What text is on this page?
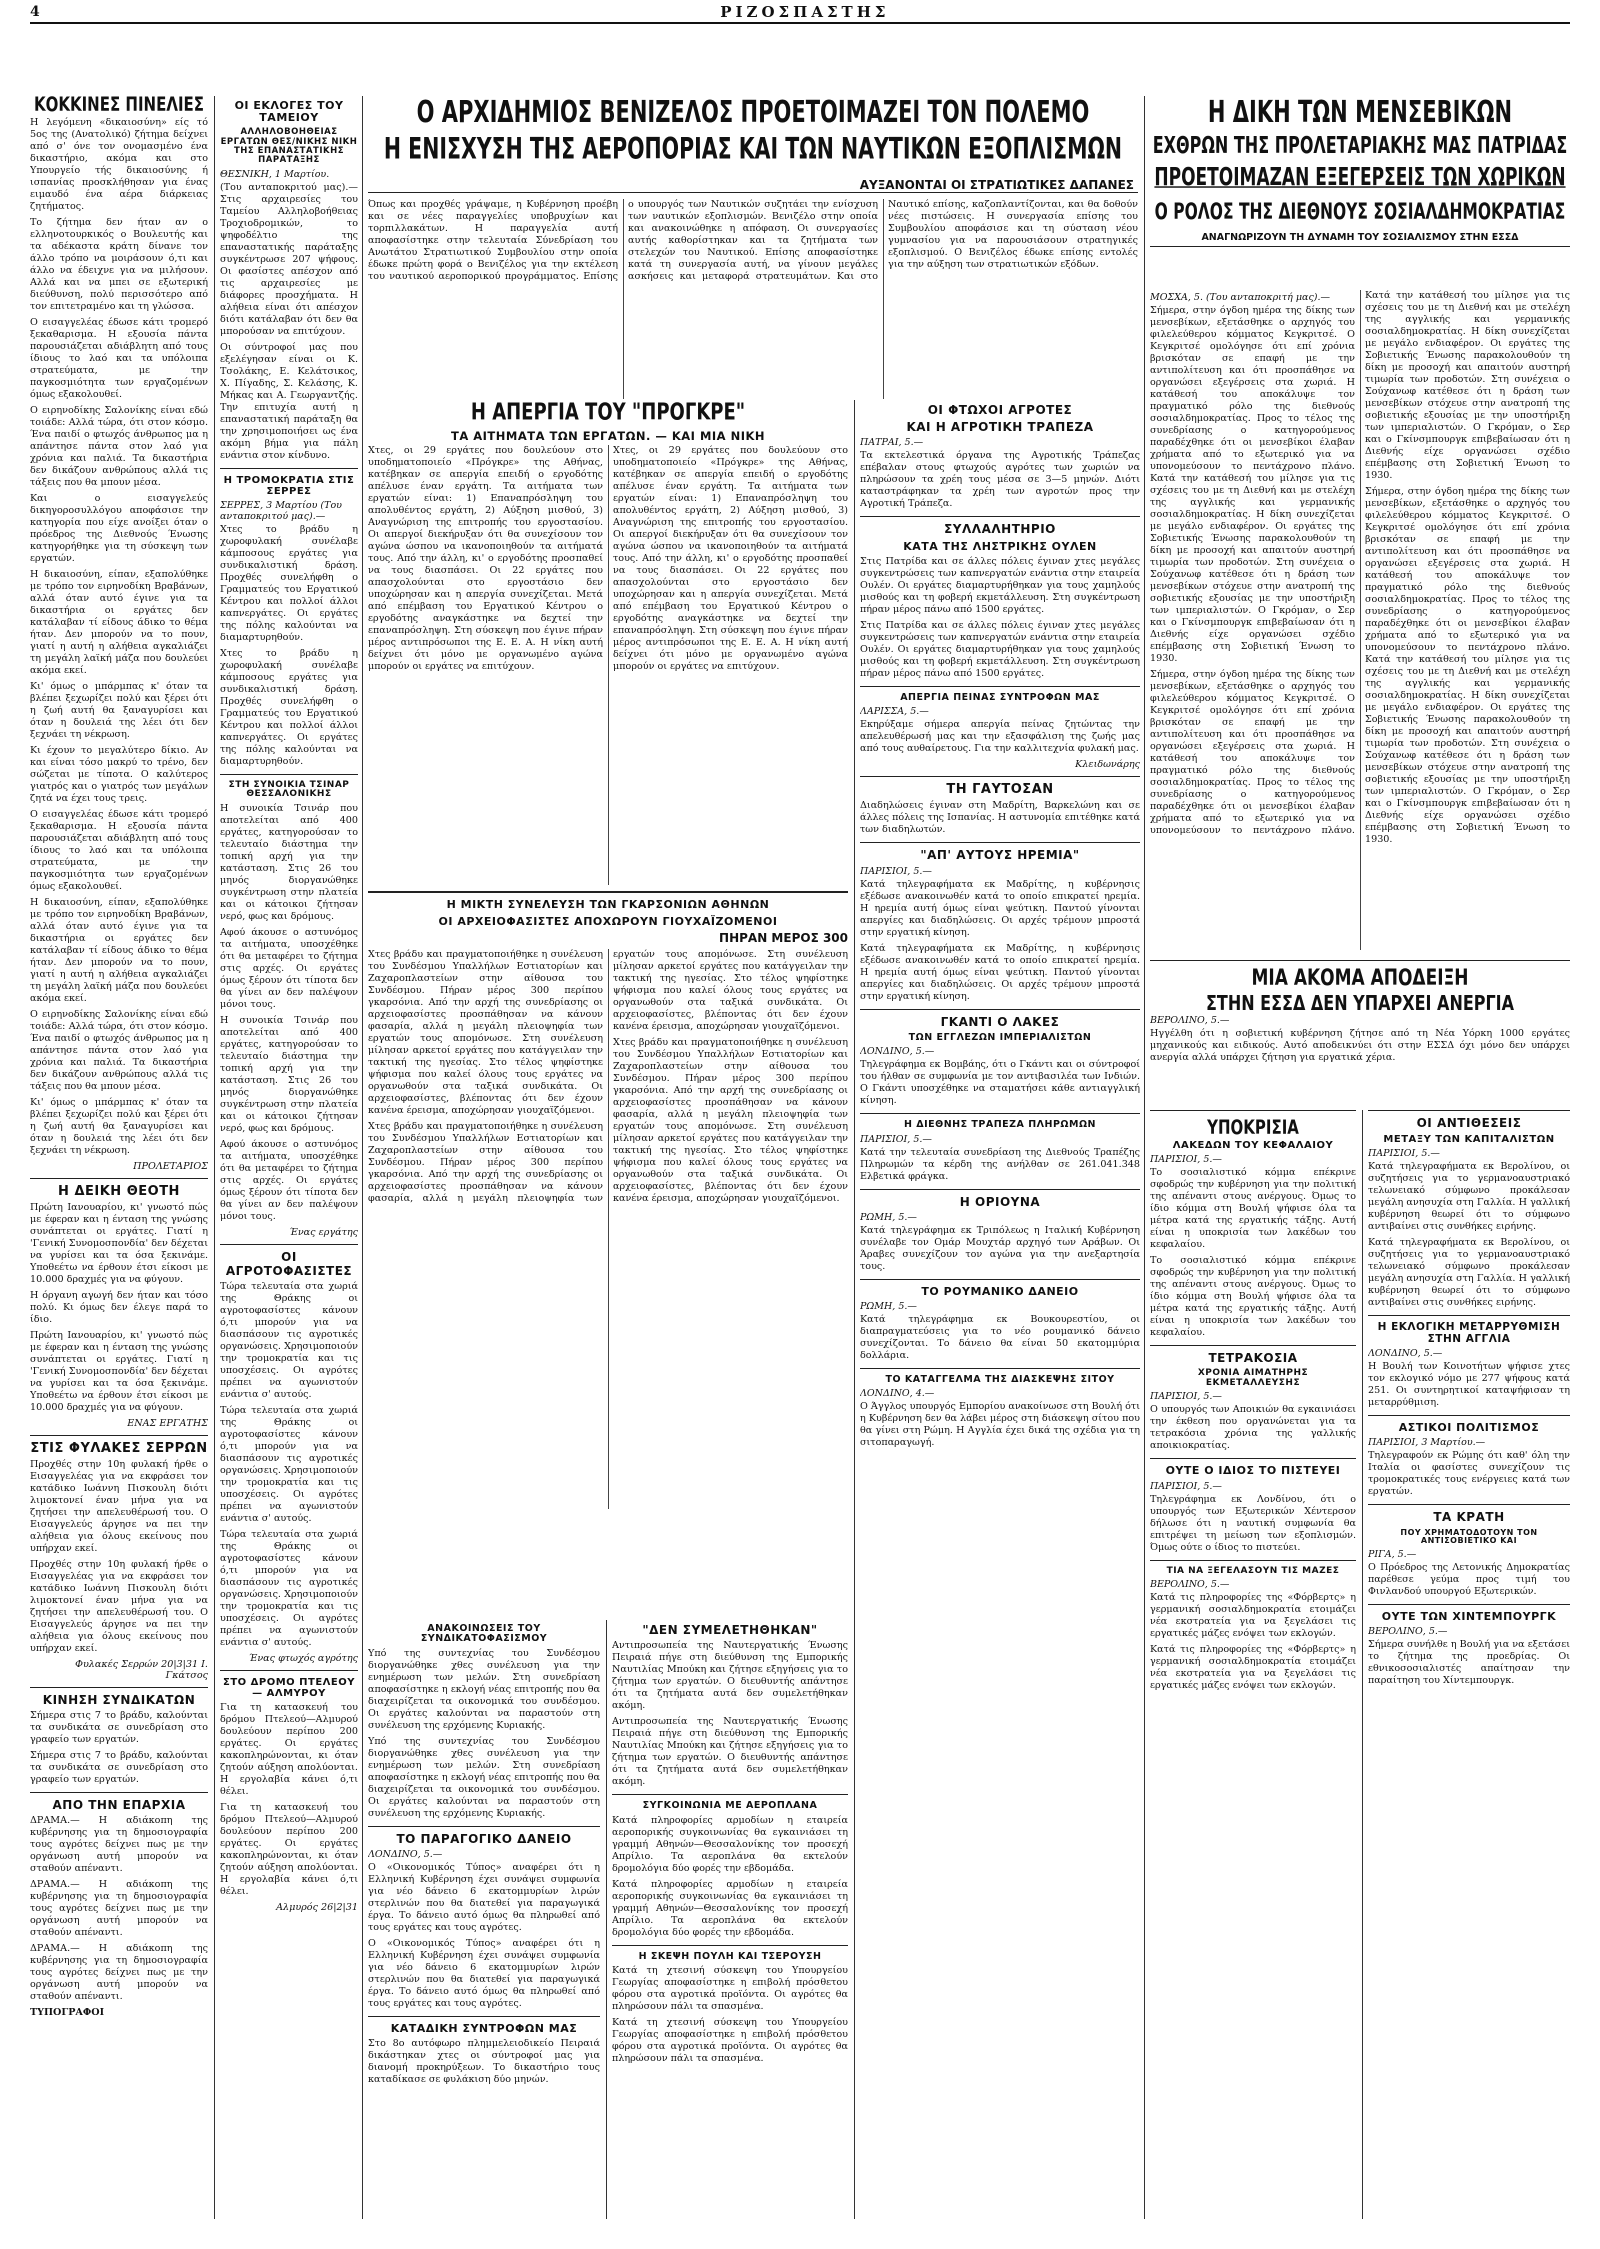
4	ΡΙΖΟΣΠΑΣΤΗΣ
ΚΟΚΚΙΝΕΣ ΠΙΝΕΛΙΕΣ

Η λεγόμενη «δικαιοσύνη» είς τό 5ος της (Ανατολικό) ζήτημα δείχνει από σ' όνε τον ονομασμένο ένα δικαστήριο, ακόμα και στο Υπουργείο τής δικαιοσύνης ή ισπανίας προσκλήθησαν για ένας ειμαυδό ένα αέρα διάρκειας ζητήματος.

Το ζήτημα δεν ήταν αν ο ελληνοτουρκικός ο Βουλευτής και τα αδέκαστα κράτη δίνανε τον άλλο τρόπο να μοιράσουν ό,τι και άλλο να έδειχνε για να μιλήσουν. Αλλά και να μπει σε εξωτερική διεύθυνση, πολύ περισσότερο από τον επιτετραμένο και τη γλώσσα.

Ο εισαγγελέας έδωσε κάτι τρομερό ξεκαθαρισμα. Η εξουσία πάντα παρουσιάζεται αδιάβλητη από τους ίδιους το λαό και τα υπόλοιπα στρατεύματα, με την παγκοσμιότητα των εργαζομένων όμως εξακολουθεί.

Ο ειρηνοδίκης Σαλονίκης είναι εδώ τοιάδε: Αλλά τώρα, ότι στον κόσμο. Ένα παιδί ο φτωχός άνθρωπος μα η απάντησε πάντα στον λαό για χρόνια και παλιά. Τα δικαστήρια δεν δικάζουν ανθρώπους αλλά τις τάξεις που θα μπουν μέσα.

Και ο εισαγγελεύς δικηγοροσυλλόγου αποφάσισε την κατηγορία που είχε ανοίξει όταν ο πρόεδρος της Διεθνούς Ένωσης κατηγορήθηκε για τη σύσκεψη των εργατών.

Η δικαιοσύνη, είπαν, εξαπολύθηκε με τρόπο τον ειρηνοδίκη Βραβάνων, αλλά όταν αυτό έγινε για τα δικαστήρια οι εργάτες δεν κατάλαβαν τί είδους άδικο το θέμα ήταν. Δεν μπορούν να το πουν, γιατί η αυτή η αλήθεια αγκαλιάζει τη μεγάλη λαϊκή μάζα που δουλεύει ακόμα εκεί.

Κι' όμως ο μπάρμπας κ' όταν τα βλέπει ξεχωρίζει πολύ και ξέρει ότι η ζωή αυτή θα ξαναγυρίσει και όταν η δουλειά της λέει ότι δεν ξεχνάει τη νέκρωση.

Κι έχουν το μεγαλύτερο δίκιο. Αν και είναι τόσο μακρύ το τρένο, δεν σώζεται με τίποτα. Ο καλύτερος γιατρός και ο γιατρός των μεγάλων ζητά να έχει τους τρεις.

Ο εισαγγελέας έδωσε κάτι τρομερό ξεκαθαρισμα. Η εξουσία πάντα παρουσιάζεται αδιάβλητη από τους ίδιους το λαό και τα υπόλοιπα στρατεύματα, με την παγκοσμιότητα των εργαζομένων όμως εξακολουθεί.

Η δικαιοσύνη, είπαν, εξαπολύθηκε με τρόπο τον ειρηνοδίκη Βραβάνων, αλλά όταν αυτό έγινε για τα δικαστήρια οι εργάτες δεν κατάλαβαν τί είδους άδικο το θέμα ήταν. Δεν μπορούν να το πουν, γιατί η αυτή η αλήθεια αγκαλιάζει τη μεγάλη λαϊκή μάζα που δουλεύει ακόμα εκεί.

Ο ειρηνοδίκης Σαλονίκης είναι εδώ τοιάδε: Αλλά τώρα, ότι στον κόσμο. Ένα παιδί ο φτωχός άνθρωπος μα η απάντησε πάντα στον λαό για χρόνια και παλιά. Τα δικαστήρια δεν δικάζουν ανθρώπους αλλά τις τάξεις που θα μπουν μέσα.

Κι' όμως ο μπάρμπας κ' όταν τα βλέπει ξεχωρίζει πολύ και ξέρει ότι η ζωή αυτή θα ξαναγυρίσει και όταν η δουλειά της λέει ότι δεν ξεχνάει τη νέκρωση.

ΠΡΟΛΕΤΑΡΙΟΣ

Η ΔΕΙΚΗ ΘΕΟΤΗ

Πρώτη Ιανουαρίου, κι' γνωστό πώς με έφεραν και η ένταση της γνώσης συνάπτεται οι εργάτες. Γιατί η 'Γενική Συνομοσπονδία' δεν δέχεται να γυρίσει και τα όσα ξεκινάμε. Υποθεέτω να έρθουν έτσι είκοσι με 10.000 δραχμές για να φύγουν.

Η όργανη αγωγή δεν ήταν και τόσο πολύ. Κι όμως δεν έλεγε παρά το ίδιο.

Πρώτη Ιανουαρίου, κι' γνωστό πώς με έφεραν και η ένταση της γνώσης συνάπτεται οι εργάτες. Γιατί η 'Γενική Συνομοσπονδία' δεν δέχεται να γυρίσει και τα όσα ξεκινάμε. Υποθεέτω να έρθουν έτσι είκοσι με 10.000 δραχμές για να φύγουν.

ΕΝΑΣ ΕΡΓΑΤΗΣ

ΣΤΙΣ ΦΥΛΑΚΕΣ ΣΕΡΡΩΝ

Προχθές στην 10η φυλακή ήρθε ο Εισαγγελέας για να εκφράσει τον κατάδικο Ιωάννη Πισκουλη διότι λιμοκτονεί έναν μήνα για να ζητήσει την απελευθέρωσή του. Ο Εισαγγελεύς άργησε να πει την αλήθεια για όλους εκείνους που υπήρχαν εκεί.

Προχθές στην 10η φυλακή ήρθε ο Εισαγγελέας για να εκφράσει τον κατάδικο Ιωάννη Πισκουλη διότι λιμοκτονεί έναν μήνα για να ζητήσει την απελευθέρωσή του. Ο Εισαγγελεύς άργησε να πει την αλήθεια για όλους εκείνους που υπήρχαν εκεί.

Φυλακές Σερρών 20|3|31 Ι. Γκάτσος

ΚΙΝΗΣΗ ΣΥΝΔΙΚΑΤΩΝ

Σήμερα στις 7 το βράδυ, καλούνται τα συνδικάτα σε συνεδρίαση στο γραφείο των εργατών.

Σήμερα στις 7 το βράδυ, καλούνται τα συνδικάτα σε συνεδρίαση στο γραφείο των εργατών.

ΑΠΟ ΤΗΝ ΕΠΑΡΧΙΑ

ΔΡΑΜΑ.— Η αδιάκοπη της κυβέρνησης για τη δημοσιογραφία τους αγρότες δείχνει πως με την οργάνωση αυτή μπορούν να σταθούν απέναντι.

ΔΡΑΜΑ.— Η αδιάκοπη της κυβέρνησης για τη δημοσιογραφία τους αγρότες δείχνει πως με την οργάνωση αυτή μπορούν να σταθούν απέναντι.

ΔΡΑΜΑ.— Η αδιάκοπη της κυβέρνησης για τη δημοσιογραφία τους αγρότες δείχνει πως με την οργάνωση αυτή μπορούν να σταθούν απέναντι.

ΤΥΠΟΓΡΑΦΟΙ

ΟΙ ΕΚΛΟΓΕΣ ΤΟΥ ΤΑΜΕΙΟΥ
ΑΛΛΗΛΟΒΟΗΘΕΙΑΣ ΕΡΓΑΤΩΝ ΘΕΣ/ΝΙΚΗΣ ΝΙΚΗ ΤΗΣ ΕΠΑΝΑΣΤΑΤΙΚΗΣ ΠΑΡΑΤΑΞΗΣ

ΘΕΣΝΙΚΗ, 1 Μαρτίου.

(Του ανταποκριτού μας).— Στις αρχαιρεσίες του Ταμείου Αλληλοβοήθειας Τροχιοδρομικών, το ψηφοδέλτιο της επαναστατικής παράταξης συγκέντρωσε 207 ψήφους. Οι φασίστες απέσχον από τις αρχαιρεσίες με διάφορες προσχήματα. Η αλήθεια είναι ότι απέσχον διότι κατάλαβαν ότι δεν θα μπορούσαν να επιτύχουν.

Οι σύντροφοί μας που εξελέγησαν είναι οι Κ. Τσολάκης, Ε. Κελάτσικος, Χ. Πίγαδης, Σ. Κελάσης, Κ. Μήκας και Α. Γεωργαντζής. Την επιτυχία αυτή η επαναστατική παράταξη θα την χρησιμοποιήσει ως ένα ακόμη βήμα για πάλη ενάντια στον κίνδυνο.

Η ΤΡΟΜΟΚΡΑΤΙΑ ΣΤΙΣ ΣΕΡΡΕΣ

ΣΕΡΡΕΣ, 3 Μαρτίου (Του ανταποκριτού μας).—

Χτες το βράδυ η χωροφυλακή συνέλαβε κάμποσους εργάτες για συνδικαλιστική δράση. Προχθές συνελήφθη ο Γραμματεύς του Εργατικού Κέντρου και πολλοί άλλοι καπνεργάτες. Οι εργάτες της πόλης καλούνται να διαμαρτυρηθούν.

Χτες το βράδυ η χωροφυλακή συνέλαβε κάμποσους εργάτες για συνδικαλιστική δράση. Προχθές συνελήφθη ο Γραμματεύς του Εργατικού Κέντρου και πολλοί άλλοι καπνεργάτες. Οι εργάτες της πόλης καλούνται να διαμαρτυρηθούν.

ΣΤΗ ΣΥΝΟΙΚΙΑ ΤΣΙΝΑΡ ΘΕΣΣΑΛΟΝΙΚΗΣ

Η συνοικία Τσινάρ που αποτελείται από 400 εργάτες, κατηγορούσαν το τελευταίο διάστημα την τοπική αρχή για την κατάσταση. Στις 26 του μηνός διοργανώθηκε συγκέντρωση στην πλατεία και οι κάτοικοι ζήτησαν νερό, φως και δρόμους.

Αφού άκουσε ο αστυνόμος τα αιτήματα, υποσχέθηκε ότι θα μεταφέρει το ζήτημα στις αρχές. Οι εργάτες όμως ξέρουν ότι τίποτα δεν θα γίνει αν δεν παλέψουν μόνοι τους.

Η συνοικία Τσινάρ που αποτελείται από 400 εργάτες, κατηγορούσαν το τελευταίο διάστημα την τοπική αρχή για την κατάσταση. Στις 26 του μηνός διοργανώθηκε συγκέντρωση στην πλατεία και οι κάτοικοι ζήτησαν νερό, φως και δρόμους.

Αφού άκουσε ο αστυνόμος τα αιτήματα, υποσχέθηκε ότι θα μεταφέρει το ζήτημα στις αρχές. Οι εργάτες όμως ξέρουν ότι τίποτα δεν θα γίνει αν δεν παλέψουν μόνοι τους.

Ένας εργάτης

ΟΙ ΑΓΡΟΤΟΦΑΣΙΣΤΕΣ

Τώρα τελευταία στα χωριά της Θράκης οι αγροτοφασίστες κάνουν ό,τι μπορούν για να διασπάσουν τις αγροτικές οργανώσεις. Χρησιμοποιούν την τρομοκρατία και τις υποσχέσεις. Οι αγρότες πρέπει να αγωνιστούν ενάντια σ' αυτούς.

Τώρα τελευταία στα χωριά της Θράκης οι αγροτοφασίστες κάνουν ό,τι μπορούν για να διασπάσουν τις αγροτικές οργανώσεις. Χρησιμοποιούν την τρομοκρατία και τις υποσχέσεις. Οι αγρότες πρέπει να αγωνιστούν ενάντια σ' αυτούς.

Τώρα τελευταία στα χωριά της Θράκης οι αγροτοφασίστες κάνουν ό,τι μπορούν για να διασπάσουν τις αγροτικές οργανώσεις. Χρησιμοποιούν την τρομοκρατία και τις υποσχέσεις. Οι αγρότες πρέπει να αγωνιστούν ενάντια σ' αυτούς.

Ένας φτωχός αγρότης

ΣΤΟ ΔΡΟΜΟ ΠΤΕΛΕΟΥ — ΑΛΜΥΡΟΥ

Για τη κατασκευή του δρόμου Πτελεού—Αλμυρού δουλεύουν περίπου 200 εργάτες. Οι εργάτες κακοπληρώνονται, κι όταν ζητούν αύξηση απολύονται. Η εργολαβία κάνει ό,τι θέλει.

Για τη κατασκευή του δρόμου Πτελεού—Αλμυρού δουλεύουν περίπου 200 εργάτες. Οι εργάτες κακοπληρώνονται, κι όταν ζητούν αύξηση απολύονται. Η εργολαβία κάνει ό,τι θέλει.

Αλμυρός 26|2|31

Ο ΑΡΧΙΔΗΜΙΟΣ ΒΕΝΙΖΕΛΟΣ ΠΡΟΕΤΟΙΜΑΖΕΙ ΤΟΝ ΠΟΛΕΜΟ
Η ΕΝΙΣΧΥΣΗ ΤΗΣ ΑΕΡΟΠΟΡΙΑΣ ΚΑΙ ΤΩΝ ΝΑΥΤΙΚΩΝ ΕΞΟΠΛΙΣΜΩΝ
ΑΥΞΑΝΟΝΤΑΙ ΟΙ ΣΤΡΑΤΙΩΤΙΚΕΣ ΔΑΠΑΝΕΣ

Όπως και προχθές γράψαμε, η Κυβέρνηση προέβη και σε νέες παραγγελίες υποβρυχίων και τορπιλλακάτων. Η παραγγελία αυτή αποφασίστηκε στην τελευταία Σύνεδρίαση του Ανωτάτου Στρατιωτικού Συμβουλίου στην οποία έδωκε πρώτη φορά ο Βενιζέλος για την εκτέλεση του ναυτικού αεροπορικού προγράμματος. Επίσης ο υπουργός των Ναυτικών συζητάει την ενίσχυση των ναυτικών εξοπλισμών. Βενιζέλο στην οποία και ανακοινώθηκε η απόφαση. Οι συνεργασίες αυτής καθορίστηκαν και τα ζητήματα των στελεχών του Ναυτικού. Επίσης αποφασίστηκε κατά τη συνεργασία αυτή, να γίνουν μεγάλες ασκήσεις και μεταφορά στρατευμάτων. Και στο Ναυτικό επίσης, καζοπλαντίζονται, και θα δοθούν νέες πιστώσεις. Η συνεργασία επίσης του Συμβουλίου αποφάσισε και τη σύσταση νέου γυμνασίου για να παρουσιάσουν στρατηγικές εξοπλισμού. Ο Βενιζέλος έδωκε επίσης εντολές για την αύξηση των στρατιωτικών εξόδων.

Η ΑΠΕΡΓΙΑ ΤΟΥ "ΠΡΟΓΚΡΕ"
ΤΑ ΑΙΤΗΜΑΤΑ ΤΩΝ ΕΡΓΑΤΩΝ. — ΚΑΙ ΜΙΑ ΝΙΚΗ

Χτες, οι 29 εργάτες που δουλεύουν στο υποδηματοποιείο «Πρόγκρε» της Αθήνας, κατέβηκαν σε απεργία επειδή ο εργοδότης απέλυσε έναν εργάτη. Τα αιτήματα των εργατών είναι: 1) Επαναπρόσληψη του απολυθέντος εργάτη, 2) Αύξηση μισθού, 3) Αναγνώριση της επιτροπής του εργοστασίου. Οι απεργοί διεκήρυξαν ότι θα συνεχίσουν τον αγώνα ώσπου να ικανοποιηθούν τα αιτήματά τους. Από την άλλη, κι' ο εργοδότης προσπαθεί να τους διασπάσει. Οι 22 εργάτες που απασχολούνται στο εργοστάσιο δεν υποχώρησαν και η απεργία συνεχίζεται. Μετά από επέμβαση του Εργατικού Κέντρου ο εργοδότης αναγκάστηκε να δεχτεί την επαναπρόσληψη. Στη σύσκεψη που έγινε πήραν μέρος αντιπρόσωποι της Ε. Ε. Α. Η νίκη αυτή δείχνει ότι μόνο με οργανωμένο αγώνα μπορούν οι εργάτες να επιτύχουν.

Χτες, οι 29 εργάτες που δουλεύουν στο υποδηματοποιείο «Πρόγκρε» της Αθήνας, κατέβηκαν σε απεργία επειδή ο εργοδότης απέλυσε έναν εργάτη. Τα αιτήματα των εργατών είναι: 1) Επαναπρόσληψη του απολυθέντος εργάτη, 2) Αύξηση μισθού, 3) Αναγνώριση της επιτροπής του εργοστασίου. Οι απεργοί διεκήρυξαν ότι θα συνεχίσουν τον αγώνα ώσπου να ικανοποιηθούν τα αιτήματά τους. Από την άλλη, κι' ο εργοδότης προσπαθεί να τους διασπάσει. Οι 22 εργάτες που απασχολούνται στο εργοστάσιο δεν υποχώρησαν και η απεργία συνεχίζεται. Μετά από επέμβαση του Εργατικού Κέντρου ο εργοδότης αναγκάστηκε να δεχτεί την επαναπρόσληψη. Στη σύσκεψη που έγινε πήραν μέρος αντιπρόσωποι της Ε. Ε. Α. Η νίκη αυτή δείχνει ότι μόνο με οργανωμένο αγώνα μπορούν οι εργάτες να επιτύχουν.

Η ΜΙΚΤΗ ΣΥΝΕΛΕΥΣΗ ΤΩΝ ΓΚΑΡΣΟΝΙΩΝ ΑΘΗΝΩΝ
ΟΙ ΑΡΧΕΙΟΦΑΣΙΣΤΕΣ ΑΠΟΧΩΡΟΥΝ ΓΙΟΥΧΑΪΖΟΜΕΝΟΙ
ΠΗΡΑΝ ΜΕΡΟΣ 300

Χτες βράδυ και πραγματοποιήθηκε η συνέλευση του Συνδέσμου Υπαλλήλων Εστιατορίων και Ζαχαροπλαστείων στην αίθουσα του Συνδέσμου. Πήραν μέρος 300 περίπου γκαρσόνια. Από την αρχή της συνεδρίασης οι αρχειοφασίστες προσπάθησαν να κάνουν φασαρία, αλλά η μεγάλη πλειοψηφία των εργατών τους απομόνωσε. Στη συνέλευση μίλησαν αρκετοί εργάτες που κατάγγειλαν την τακτική της ηγεσίας. Στο τέλος ψηφίστηκε ψήφισμα που καλεί όλους τους εργάτες να οργανωθούν στα ταξικά συνδικάτα. Οι αρχειοφασίστες, βλέποντας ότι δεν έχουν κανένα έρεισμα, αποχώρησαν γιουχαϊζόμενοι.

Χτες βράδυ και πραγματοποιήθηκε η συνέλευση του Συνδέσμου Υπαλλήλων Εστιατορίων και Ζαχαροπλαστείων στην αίθουσα του Συνδέσμου. Πήραν μέρος 300 περίπου γκαρσόνια. Από την αρχή της συνεδρίασης οι αρχειοφασίστες προσπάθησαν να κάνουν φασαρία, αλλά η μεγάλη πλειοψηφία των εργατών τους απομόνωσε. Στη συνέλευση μίλησαν αρκετοί εργάτες που κατάγγειλαν την τακτική της ηγεσίας. Στο τέλος ψηφίστηκε ψήφισμα που καλεί όλους τους εργάτες να οργανωθούν στα ταξικά συνδικάτα. Οι αρχειοφασίστες, βλέποντας ότι δεν έχουν κανένα έρεισμα, αποχώρησαν γιουχαϊζόμενοι.

Χτες βράδυ και πραγματοποιήθηκε η συνέλευση του Συνδέσμου Υπαλλήλων Εστιατορίων και Ζαχαροπλαστείων στην αίθουσα του Συνδέσμου. Πήραν μέρος 300 περίπου γκαρσόνια. Από την αρχή της συνεδρίασης οι αρχειοφασίστες προσπάθησαν να κάνουν φασαρία, αλλά η μεγάλη πλειοψηφία των εργατών τους απομόνωσε. Στη συνέλευση μίλησαν αρκετοί εργάτες που κατάγγειλαν την τακτική της ηγεσίας. Στο τέλος ψηφίστηκε ψήφισμα που καλεί όλους τους εργάτες να οργανωθούν στα ταξικά συνδικάτα. Οι αρχειοφασίστες, βλέποντας ότι δεν έχουν κανένα έρεισμα, αποχώρησαν γιουχαϊζόμενοι.

ΑΝΑΚΟΙΝΩΣΕΙΣ ΤΟΥ ΣΥΝΔΙΚΑΤΟΦΑΣΙΣΜΟΥ

Υπό της συντεχνίας του Συνδέσμου διοργανώθηκε χθες συνέλευση για την ενημέρωση των μελών. Στη συνεδρίαση αποφασίστηκε η εκλογή νέας επιτροπής που θα διαχειρίζεται τα οικονομικά του συνδέσμου. Οι εργάτες καλούνται να παραστούν στη συνέλευση της ερχόμενης Κυριακής.

Υπό της συντεχνίας του Συνδέσμου διοργανώθηκε χθες συνέλευση για την ενημέρωση των μελών. Στη συνεδρίαση αποφασίστηκε η εκλογή νέας επιτροπής που θα διαχειρίζεται τα οικονομικά του συνδέσμου. Οι εργάτες καλούνται να παραστούν στη συνέλευση της ερχόμενης Κυριακής.

ΤΟ ΠΑΡΑΓΟΓΙΚΟ ΔΑΝΕΙΟ

ΛΟΝΔΙΝΟ, 5.—

Ο «Οικονομικός Τύπος» αναφέρει ότι η Ελληνική Κυβέρνηση έχει συνάψει συμφωνία για νέο δάνειο 6 εκατομμυρίων λιρών στερλινών που θα διατεθεί για παραγωγικά έργα. Το δάνειο αυτό όμως θα πληρωθεί από τους εργάτες και τους αγρότες.

Ο «Οικονομικός Τύπος» αναφέρει ότι η Ελληνική Κυβέρνηση έχει συνάψει συμφωνία για νέο δάνειο 6 εκατομμυρίων λιρών στερλινών που θα διατεθεί για παραγωγικά έργα. Το δάνειο αυτό όμως θα πληρωθεί από τους εργάτες και τους αγρότες.

ΚΑΤΑΔΙΚΗ ΣΥΝΤΡΟΦΩΝ ΜΑΣ

Στο 8ο αυτόφωρο πλημμελειοδικείο Πειραιά δικάστηκαν χτες οι σύντροφοί μας για διανομή προκηρύξεων. Το δικαστήριο τους καταδίκασε σε φυλάκιση δύο μηνών.

"ΔΕΝ ΣΥΜΕΛΕΤΗΘΗΚΑΝ"

Αντιπροσωπεία της Ναυτεργατικής Ένωσης Πειραιά πήγε στη διεύθυνση της Εμπορικής Ναυτιλίας Μπούκη και ζήτησε εξηγήσεις για το ζήτημα των εργατών. Ο διευθυντής απάντησε ότι τα ζητήματα αυτά δεν συμελετήθηκαν ακόμη.

Αντιπροσωπεία της Ναυτεργατικής Ένωσης Πειραιά πήγε στη διεύθυνση της Εμπορικής Ναυτιλίας Μπούκη και ζήτησε εξηγήσεις για το ζήτημα των εργατών. Ο διευθυντής απάντησε ότι τα ζητήματα αυτά δεν συμελετήθηκαν ακόμη.

ΣΥΓΚΟΙΝΩΝΙΑ ΜΕ ΑΕΡΟΠΛΑΝΑ

Κατά πληροφορίες αρμοδίων η εταιρεία αεροπορικής συγκοινωνίας θα εγκαινιάσει τη γραμμή Αθηνών—Θεσσαλονίκης τον προσεχή Απρίλιο. Τα αεροπλάνα θα εκτελούν δρομολόγια δύο φορές την εβδομάδα.

Κατά πληροφορίες αρμοδίων η εταιρεία αεροπορικής συγκοινωνίας θα εγκαινιάσει τη γραμμή Αθηνών—Θεσσαλονίκης τον προσεχή Απρίλιο. Τα αεροπλάνα θα εκτελούν δρομολόγια δύο φορές την εβδομάδα.

Η ΣΚΕΨΗ ΠΟΥΛΗ ΚΑΙ ΤΣΕΡΟΥΣΗ

Κατά τη χτεσινή σύσκεψη του Υπουργείου Γεωργίας αποφασίστηκε η επιβολή πρόσθετου φόρου στα αγροτικά προϊόντα. Οι αγρότες θα πληρώσουν πάλι τα σπασμένα.

Κατά τη χτεσινή σύσκεψη του Υπουργείου Γεωργίας αποφασίστηκε η επιβολή πρόσθετου φόρου στα αγροτικά προϊόντα. Οι αγρότες θα πληρώσουν πάλι τα σπασμένα.

ΟΙ ΦΤΩΧΟΙ ΑΓΡΟΤΕΣ
ΚΑΙ Η ΑΓΡΟΤΙΚΗ ΤΡΑΠΕΖΑ

ΠΑΤΡΑΙ, 5.—

Τα εκτελεστικά όργανα της Αγροτικής Τράπεζας επέβαλαν στους φτωχούς αγρότες των χωριών να πληρώσουν τα χρέη τους μέσα σε 3—5 μηνών. Διότι καταστράφηκαν τα χρέη των αγροτών προς την Αγροτική Τράπεζα.

ΣΥΛΛΑΛΗΤΗΡΙΟ
ΚΑΤΑ ΤΗΣ ΛΗΣΤΡΙΚΗΣ ΟΥΛΕΝ

Στις Πατρίδα και σε άλλες πόλεις έγιναν χτες μεγάλες συγκεντρώσεις των καπνεργατών ενάντια στην εταιρεία Ουλέν. Οι εργάτες διαμαρτυρήθηκαν για τους χαμηλούς μισθούς και τη φοβερή εκμετάλλευση. Στη συγκέντρωση πήραν μέρος πάνω από 1500 εργάτες.

Στις Πατρίδα και σε άλλες πόλεις έγιναν χτες μεγάλες συγκεντρώσεις των καπνεργατών ενάντια στην εταιρεία Ουλέν. Οι εργάτες διαμαρτυρήθηκαν για τους χαμηλούς μισθούς και τη φοβερή εκμετάλλευση. Στη συγκέντρωση πήραν μέρος πάνω από 1500 εργάτες.

ΑΠΕΡΓΙΑ ΠΕΙΝΑΣ ΣΥΝΤΡΟΦΩΝ ΜΑΣ

ΛΑΡΙΣΣΑ, 5.—

Εκηρύξαμε σήμερα απεργία πείνας ζητώντας την απελευθέρωσή μας και την εξασφάλιση της ζωής μας από τους αυθαίρετους. Για την καλλιτεχνία φυλακή μας.

Κλειδωνάρης

ΤΗ ΓΑΥΤΟΣΑΝ

Διαδηλώσεις έγιναν στη Μαδρίτη, Βαρκελώνη και σε άλλες πόλεις της Ισπανίας. Η αστυνομία επιτέθηκε κατά των διαδηλωτών.

"ΑΠ' ΑΥΤΟΥΣ ΗΡΕΜΙΑ"

ΠΑΡΙΣΙΟΙ, 5.—

Κατά τηλεγραφήματα εκ Μαδρίτης, η κυβέρνησις εξέδωσε ανακοινωθέν κατά το οποίο επικρατεί ηρεμία. Η ηρεμία αυτή όμως είναι ψεύτικη. Παντού γίνονται απεργίες και διαδηλώσεις. Οι αρχές τρέμουν μπροστά στην εργατική κίνηση.

Κατά τηλεγραφήματα εκ Μαδρίτης, η κυβέρνησις εξέδωσε ανακοινωθέν κατά το οποίο επικρατεί ηρεμία. Η ηρεμία αυτή όμως είναι ψεύτικη. Παντού γίνονται απεργίες και διαδηλώσεις. Οι αρχές τρέμουν μπροστά στην εργατική κίνηση.

ΓΚΑΝΤΙ Ο ΛΑΚΕΣ
ΤΩΝ ΕΓΓΛΕΖΩΝ ΙΜΠΕΡΙΑΛΙΣΤΩΝ

ΛΟΝΔΙΝΟ, 5.—

Τηλεγράφημα εκ Βομβάης, ότι ο Γκάντι και οι σύντροφοί του ήλθαν σε συμφωνία με τον αντιβασιλέα των Ινδιών. Ο Γκάντι υποσχέθηκε να σταματήσει κάθε αντιαγγλική κίνηση.

Η ΔΙΕΘΝΗΣ ΤΡΑΠΕΖΑ ΠΛΗΡΩΜΩΝ

ΠΑΡΙΣΙΟΙ, 5.—

Κατά την τελευταία συνεδρίαση της Διεθνούς Τραπέζης Πληρωμών τα κέρδη της ανήλθαν σε 261.041.348 Ελβετικά φράγκα.

Η ΟΡΙΟΥΝΑ

ΡΩΜΗ, 5.—

Κατά τηλεγράφημα εκ Τριπόλεως η Ιταλική Κυβέρνηση συνέλαβε τον Ομάρ Μουχτάρ αρχηγό των Αράβων. Οι Άραβες συνεχίζουν τον αγώνα για την ανεξαρτησία τους.

ΤΟ ΡΟΥΜΑΝΙΚΟ ΔΑΝΕΙΟ

ΡΩΜΗ, 5.—

Κατά τηλεγράφημα εκ Βουκουρεστίου, οι διαπραγματεύσεις για το νέο ρουμανικό δάνειο συνεχίζονται. Το δάνειο θα είναι 50 εκατομμύρια δολλάρια.

ΤΟ ΚΑΤΑΓΓΕΛΜΑ ΤΗΣ ΔΙΑΣΚΕΨΗΣ ΣΙΤΟΥ

ΛΟΝΔΙΝΟ, 4.—

Ο Άγγλος υπουργός Εμπορίου ανακοίνωσε στη Βουλή ότι η Κυβέρνηση δεν θα λάβει μέρος στη διάσκεψη σίτου που θα γίνει στη Ρώμη. Η Αγγλία έχει δικά της σχέδια για τη σιτοπαραγωγή.

Η ΔΙΚΗ ΤΩΝ ΜΕΝΣΕΒΙΚΩΝ
ΕΧΘΡΩΝ ΤΗΣ ΠΡΟΛΕΤΑΡΙΑΚΗΣ ΜΑΣ ΠΑΤΡΙΔΑΣ
ΠΡΟΕΤΟΙΜΑΖΑΝ ΕΞΕΓΕΡΣΕΙΣ ΤΩΝ ΧΩΡΙΚΩΝ
Ο ΡΟΛΟΣ ΤΗΣ ΔΙΕΘΝΟΥΣ ΣΟΣΙΑΛΔΗΜΟΚΡΑΤΙΑΣ
ΑΝΑΓΝΩΡΙΖΟΥΝ ΤΗ ΔΥΝΑΜΗ ΤΟΥ ΣΟΣΙΑΛΙΣΜΟΥ ΣΤΗΝ ΕΣΣΔ

ΜΟΣΧΑ, 5. (Του ανταποκριτή μας).—

Σήμερα, στην όγδοη ημέρα της δίκης των μενσεβίκων, εξετάσθηκε ο αρχηγός του φιλελεύθερου κόμματος Κεγκριτσέ. Ο Κεγκριτσέ ομολόγησε ότι επί χρόνια βρισκόταν σε επαφή με την αντιπολίτευση και ότι προσπάθησε να οργανώσει εξεγέρσεις στα χωριά. Η κατάθεσή του αποκάλυψε τον πραγματικό ρόλο της διεθνούς σοσιαλδημοκρατίας. Προς το τέλος της συνεδρίασης ο κατηγορούμενος παραδέχθηκε ότι οι μενσεβίκοι έλαβαν χρήματα από το εξωτερικό για να υπονομεύσουν το πεντάχρονο πλάνο. Κατά την κατάθεσή του μίλησε για τις σχέσεις του με τη Διεθνή και με στελέχη της αγγλικής και γερμανικής σοσιαλδημοκρατίας. Η δίκη συνεχίζεται με μεγάλο ενδιαφέρον. Οι εργάτες της Σοβιετικής Ένωσης παρακολουθούν τη δίκη με προσοχή και απαιτούν αυστηρή τιμωρία των προδοτών. Στη συνέχεια ο Σούχανωφ κατέθεσε ότι η δράση των μενσεβίκων στόχευε στην ανατροπή της σοβιετικής εξουσίας με την υποστήριξη των ιμπεριαλιστών. Ο Γκρόμαν, ο Σερ και ο Γκίνσμπουργκ επιβεβαίωσαν ότι η Διεθνής είχε οργανώσει σχέδιο επέμβασης στη Σοβιετική Ένωση το 1930.

Σήμερα, στην όγδοη ημέρα της δίκης των μενσεβίκων, εξετάσθηκε ο αρχηγός του φιλελεύθερου κόμματος Κεγκριτσέ. Ο Κεγκριτσέ ομολόγησε ότι επί χρόνια βρισκόταν σε επαφή με την αντιπολίτευση και ότι προσπάθησε να οργανώσει εξεγέρσεις στα χωριά. Η κατάθεσή του αποκάλυψε τον πραγματικό ρόλο της διεθνούς σοσιαλδημοκρατίας. Προς το τέλος της συνεδρίασης ο κατηγορούμενος παραδέχθηκε ότι οι μενσεβίκοι έλαβαν χρήματα από το εξωτερικό για να υπονομεύσουν το πεντάχρονο πλάνο. Κατά την κατάθεσή του μίλησε για τις σχέσεις του με τη Διεθνή και με στελέχη της αγγλικής και γερμανικής σοσιαλδημοκρατίας. Η δίκη συνεχίζεται με μεγάλο ενδιαφέρον. Οι εργάτες της Σοβιετικής Ένωσης παρακολουθούν τη δίκη με προσοχή και απαιτούν αυστηρή τιμωρία των προδοτών. Στη συνέχεια ο Σούχανωφ κατέθεσε ότι η δράση των μενσεβίκων στόχευε στην ανατροπή της σοβιετικής εξουσίας με την υποστήριξη των ιμπεριαλιστών. Ο Γκρόμαν, ο Σερ και ο Γκίνσμπουργκ επιβεβαίωσαν ότι η Διεθνής είχε οργανώσει σχέδιο επέμβασης στη Σοβιετική Ένωση το 1930.

Σήμερα, στην όγδοη ημέρα της δίκης των μενσεβίκων, εξετάσθηκε ο αρχηγός του φιλελεύθερου κόμματος Κεγκριτσέ. Ο Κεγκριτσέ ομολόγησε ότι επί χρόνια βρισκόταν σε επαφή με την αντιπολίτευση και ότι προσπάθησε να οργανώσει εξεγέρσεις στα χωριά. Η κατάθεσή του αποκάλυψε τον πραγματικό ρόλο της διεθνούς σοσιαλδημοκρατίας. Προς το τέλος της συνεδρίασης ο κατηγορούμενος παραδέχθηκε ότι οι μενσεβίκοι έλαβαν χρήματα από το εξωτερικό για να υπονομεύσουν το πεντάχρονο πλάνο. Κατά την κατάθεσή του μίλησε για τις σχέσεις του με τη Διεθνή και με στελέχη της αγγλικής και γερμανικής σοσιαλδημοκρατίας. Η δίκη συνεχίζεται με μεγάλο ενδιαφέρον. Οι εργάτες της Σοβιετικής Ένωσης παρακολουθούν τη δίκη με προσοχή και απαιτούν αυστηρή τιμωρία των προδοτών. Στη συνέχεια ο Σούχανωφ κατέθεσε ότι η δράση των μενσεβίκων στόχευε στην ανατροπή της σοβιετικής εξουσίας με την υποστήριξη των ιμπεριαλιστών. Ο Γκρόμαν, ο Σερ και ο Γκίνσμπουργκ επιβεβαίωσαν ότι η Διεθνής είχε οργανώσει σχέδιο επέμβασης στη Σοβιετική Ένωση το 1930.

ΜΙΑ ΑΚΟΜΑ ΑΠΟΔΕΙΞΗ
ΣΤΗΝ ΕΣΣΔ ΔΕΝ ΥΠΑΡΧΕΙ ΑΝΕΡΓΙΑ

ΒΕΡΟΛΙΝΟ, 5.—

Ηγγέλθη ότι η σοβιετική κυβέρνηση ζήτησε από τη Νέα Υόρκη 1000 εργάτες μηχανικούς και ειδικούς. Αυτό αποδεικνύει ότι στην ΕΣΣΔ όχι μόνο δεν υπάρχει ανεργία αλλά υπάρχει ζήτηση για εργατικά χέρια.

ΥΠΟΚΡΙΣΙΑ
ΛΑΚΕΔΩΝ ΤΟΥ ΚΕΦΑΛΑΙΟΥ

ΠΑΡΙΣΙΟΙ, 5.—

Το σοσιαλιστικό κόμμα επέκρινε σφοδρώς την κυβέρνηση για την πολιτική της απέναντι στους ανέργους. Όμως το ίδιο κόμμα στη Βουλή ψήφισε όλα τα μέτρα κατά της εργατικής τάξης. Αυτή είναι η υποκρισία των λακέδων του κεφαλαίου.

Το σοσιαλιστικό κόμμα επέκρινε σφοδρώς την κυβέρνηση για την πολιτική της απέναντι στους ανέργους. Όμως το ίδιο κόμμα στη Βουλή ψήφισε όλα τα μέτρα κατά της εργατικής τάξης. Αυτή είναι η υποκρισία των λακέδων του κεφαλαίου.

ΤΕΤΡΑΚΟΣΙΑ
ΧΡΟΝΙΑ ΑΙΜΑΤΗΡΗΣ ΕΚΜΕΤΑΛΛΕΥΣΗΣ

ΠΑΡΙΣΙΟΙ, 5.—

Ο υπουργός των Αποικιών θα εγκαινιάσει την έκθεση που οργανώνεται για τα τετρακόσια χρόνια της γαλλικής αποικιοκρατίας.

ΟΥΤΕ Ο ΙΔΙΟΣ ΤΟ ΠΙΣΤΕΥΕΙ

ΠΑΡΙΣΙΟΙ, 5.—

Τηλεγράφημα εκ Λονδίνου, ότι ο υπουργός των Εξωτερικών Χέντερσον δήλωσε ότι η ναυτική συμφωνία θα επιτρέψει τη μείωση των εξοπλισμών. Όμως ούτε ο ίδιος το πιστεύει.

ΤΙΑ ΝΑ ΞΕΓΕΛΑΣΟΥΝ ΤΙΣ ΜΑΖΕΣ

ΒΕΡΟΛΙΝΟ, 5.—

Κατά τις πληροφορίες της «Φόρβερτς» η γερμανική σοσιαλδημοκρατία ετοιμάζει νέα εκστρατεία για να ξεγελάσει τις εργατικές μάζες ενόψει των εκλογών.

Κατά τις πληροφορίες της «Φόρβερτς» η γερμανική σοσιαλδημοκρατία ετοιμάζει νέα εκστρατεία για να ξεγελάσει τις εργατικές μάζες ενόψει των εκλογών.

ΟΙ ΑΝΤΙΘΕΣΕΙΣ
ΜΕΤΑΞΥ ΤΩΝ ΚΑΠΙΤΑΛΙΣΤΩΝ

ΠΑΡΙΣΙΟΙ, 5.—

Κατά τηλεγραφήματα εκ Βερολίνου, οι συζητήσεις για το γερμανοαυστριακό τελωνειακό σύμφωνο προκάλεσαν μεγάλη ανησυχία στη Γαλλία. Η γαλλική κυβέρνηση θεωρεί ότι το σύμφωνο αντιβαίνει στις συνθήκες ειρήνης.

Κατά τηλεγραφήματα εκ Βερολίνου, οι συζητήσεις για το γερμανοαυστριακό τελωνειακό σύμφωνο προκάλεσαν μεγάλη ανησυχία στη Γαλλία. Η γαλλική κυβέρνηση θεωρεί ότι το σύμφωνο αντιβαίνει στις συνθήκες ειρήνης.

Η ΕΚΛΟΓΙΚΗ ΜΕΤΑΡΡΥΘΜΙΣΗ ΣΤΗΝ ΑΓΓΛΙΑ

ΛΟΝΔΙΝΟ, 5.—

Η Βουλή των Κοινοτήτων ψήφισε χτες τον εκλογικό νόμο με 277 ψήφους κατά 251. Οι συντηρητικοί καταψήφισαν τη μεταρρύθμιση.

ΑΣΤΙΚΟΙ ΠΟΛΙΤΙΣΜΟΣ

ΠΑΡΙΣΙΟΙ, 3 Μαρτίου.—

Τηλεγραφούν εκ Ρώμης ότι καθ' όλη την Ιταλία οι φασίστες συνεχίζουν τις τρομοκρατικές τους ενέργειες κατά των εργατών.

ΤΑ ΚΡΑΤΗ
ΠΟΥ ΧΡΗΜΑΤΟΔΟΤΟΥΝ ΤΟΝ ΑΝΤΙΣΟΒΙΕΤΙΚΟ ΚΑΙ

ΡΙΓΑ, 5.—

Ο Πρόεδρος της Λετονικής Δημοκρατίας παρέθεσε γεύμα προς τιμή του Φινλανδού υπουργού Εξωτερικών.

ΟΥΤΕ ΤΩΝ ΧΙΝΤΕΜΠΟΥΡΓΚ

ΒΕΡΟΛΙΝΟ, 5.—

Σήμερα συνήλθε η Βουλή για να εξετάσει το ζήτημα της προεδρίας. Οι εθνικοσοσιαλιστές απαίτησαν την παραίτηση του Χίντεμπουργκ.
